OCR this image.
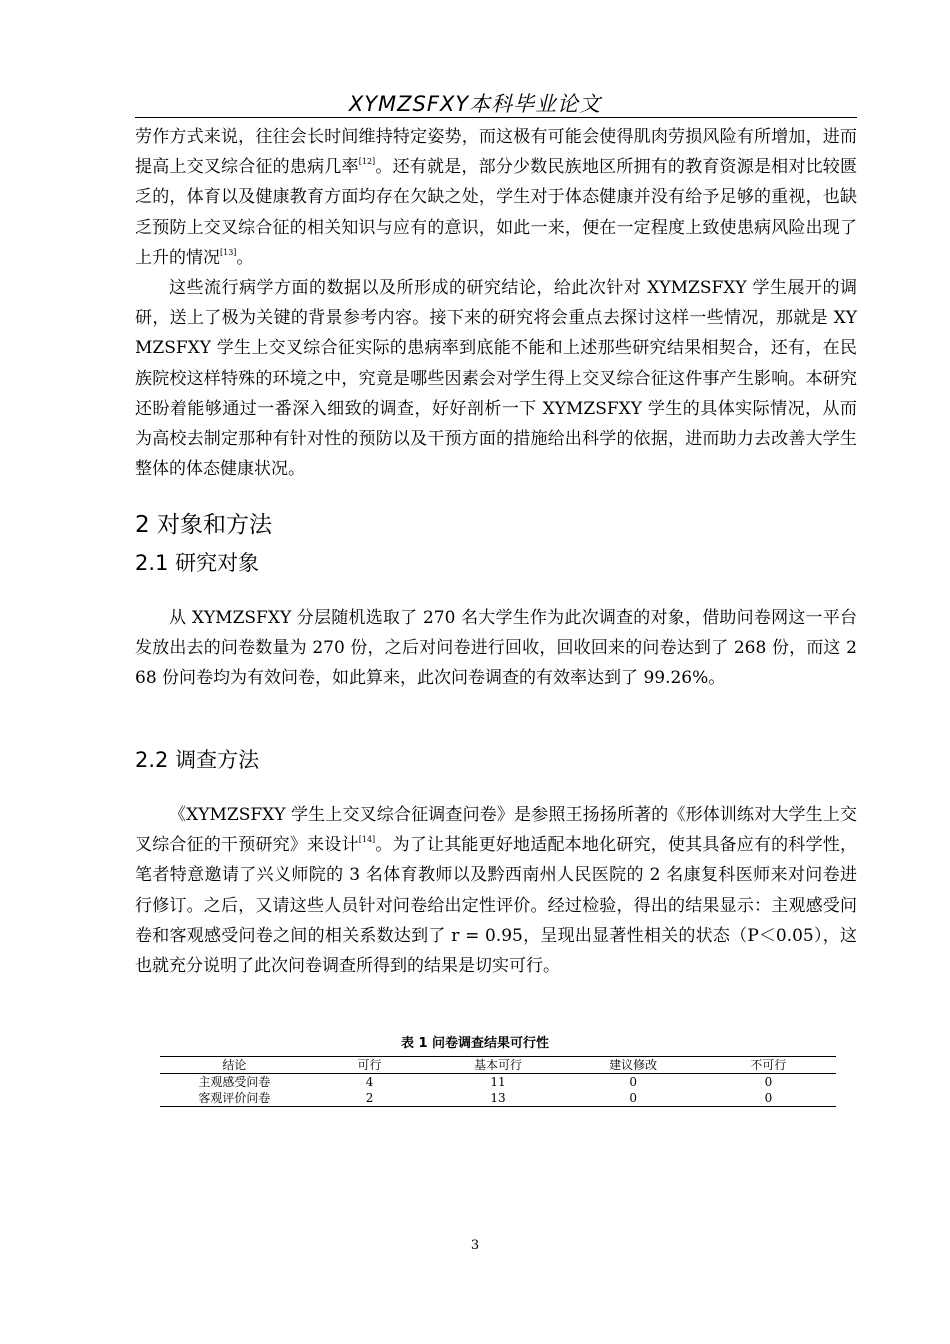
XYMZSFXY本科毕业论文

劳作方式来说，往往会长时间维持特定姿势，而这极有可能会使得肌肉劳损风险有所增加，进而提高上交叉综合征的患病几率[12]。还有就是，部分少数民族地区所拥有的教育资源是相对比较匮乏的，体育以及健康教育方面均存在欠缺之处，学生对于体态健康并没有给予足够的重视，也缺乏预防上交叉综合征的相关知识与应有的意识，如此一来，便在一定程度上致使患病风险出现了上升的情况[13]。

这些流行病学方面的数据以及所形成的研究结论，给此次针对 XYMZSFXY 学生展开的调研，送上了极为关键的背景参考内容。接下来的研究将会重点去探讨这样一些情况，那就是 XYMZSFXY 学生上交叉综合征实际的患病率到底能不能和上述那些研究结果相契合，还有，在民族院校这样特殊的环境之中，究竟是哪些因素会对学生得上交叉综合征这件事产生影响。本研究还盼着能够通过一番深入细致的调查，好好剖析一下 XYMZSFXY 学生的具体实际情况，从而为高校去制定那种有针对性的预防以及干预方面的措施给出科学的依据，进而助力去改善大学生整体的体态健康状况。

2 对象和方法
2.1 研究对象

从 XYMZSFXY 分层随机选取了 270 名大学生作为此次调查的对象，借助问卷网这一平台发放出去的问卷数量为 270 份，之后对问卷进行回收，回收回来的问卷达到了 268 份，而这 268 份问卷均为有效问卷，如此算来，此次问卷调查的有效率达到了 99.26%。

2.2 调查方法

《XYMZSFXY 学生上交叉综合征调查问卷》是参照王扬扬所著的《形体训练对大学生上交叉综合征的干预研究》来设计[14]。为了让其能更好地适配本地化研究，使其具备应有的科学性，笔者特意邀请了兴义师院的 3 名体育教师以及黔西南州人民医院的 2 名康复科医师来对问卷进行修订。之后，又请这些人员针对问卷给出定性评价。经过检验，得出的结果显示：主观感受问卷和客观感受问卷之间的相关系数达到了 r = 0.95，呈现出显著性相关的状态（P＜0.05），这也就充分说明了此次问卷调查所得到的结果是切实可行。

表 1 问卷调查结果可行性
结论	可行	基本可行	建议修改	不可行
主观感受问卷	4	11	0	0
客观评价问卷	2	13	0	0
3
